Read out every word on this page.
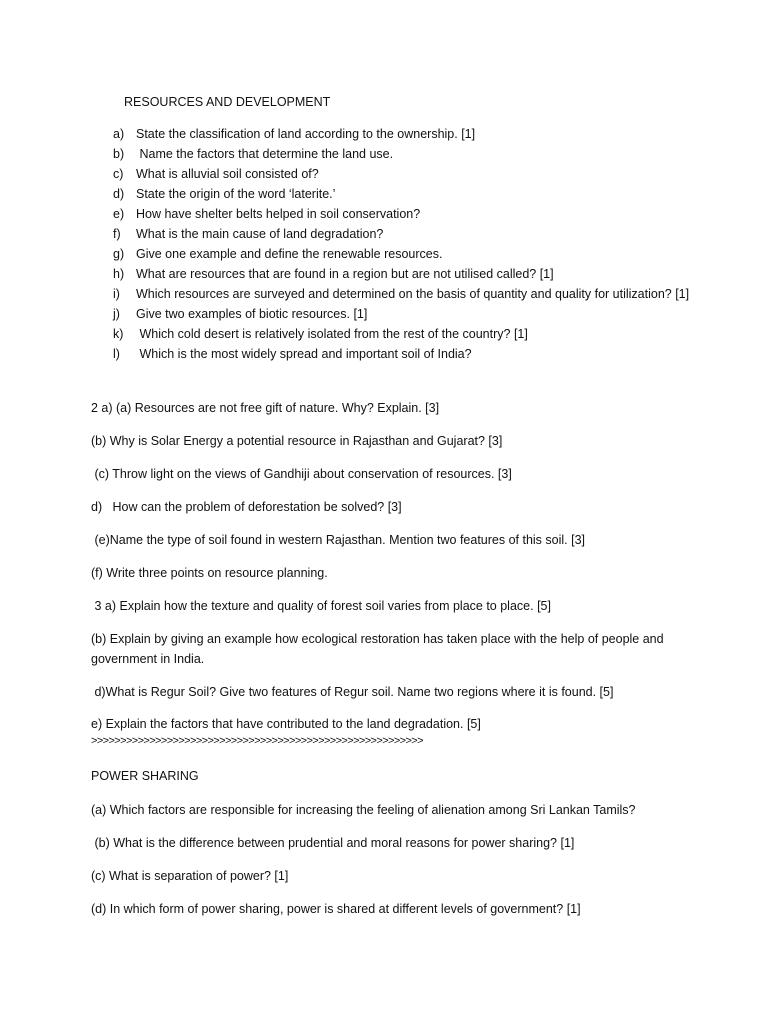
RESOURCES AND DEVELOPMENT
a) State the classification of land according to the ownership. [1]
b) Name the factors that determine the land use.
c)	What is alluvial soil consisted of?
d) State the origin of the word ‘laterite.’
e) How have shelter belts helped in soil conservation?
f)	What is the main cause of land degradation?
g) Give one example and define the renewable resources.
h) What are resources that are found in a region but are not utilised called? [1]
i)	Which resources are surveyed and determined on the basis of quantity and quality for utilization? [1]
j)	Give two examples of biotic resources. [1]
k)	Which cold desert is relatively isolated from the rest of the country? [1]
l)	Which is the most widely spread and important soil of India?
2 a) (a) Resources are not free gift of nature. Why? Explain. [3]
(b) Why is Solar Energy a potential resource in Rajasthan and Gujarat? [3]
(c) Throw light on the views of Gandhiji about conservation of resources. [3]
d)   How can the problem of deforestation be solved? [3]
(e)Name the type of soil found in western Rajasthan. Mention two features of this soil. [3]
(f) Write three points on resource planning.
3 a) Explain how the texture and quality of forest soil varies from place to place. [5]
(b) Explain by giving an example how ecological restoration has taken place with the help of people and government in India.
d)What is Regur Soil? Give two features of Regur soil. Name two regions where it is found. [5]
e) Explain the factors that have contributed to the land degradation. [5]
>>>>>>>>>>>>>>>>>>>>>>>>>>>>>>>>>>>>>>>>>>>>>>>>>>>>>>>>>
POWER SHARING
(a) Which factors are responsible for increasing the feeling of alienation among Sri Lankan Tamils?
(b) What is the difference between prudential and moral reasons for power sharing? [1]
(c) What is separation of power? [1]
(d) In which form of power sharing, power is shared at different levels of government? [1]
